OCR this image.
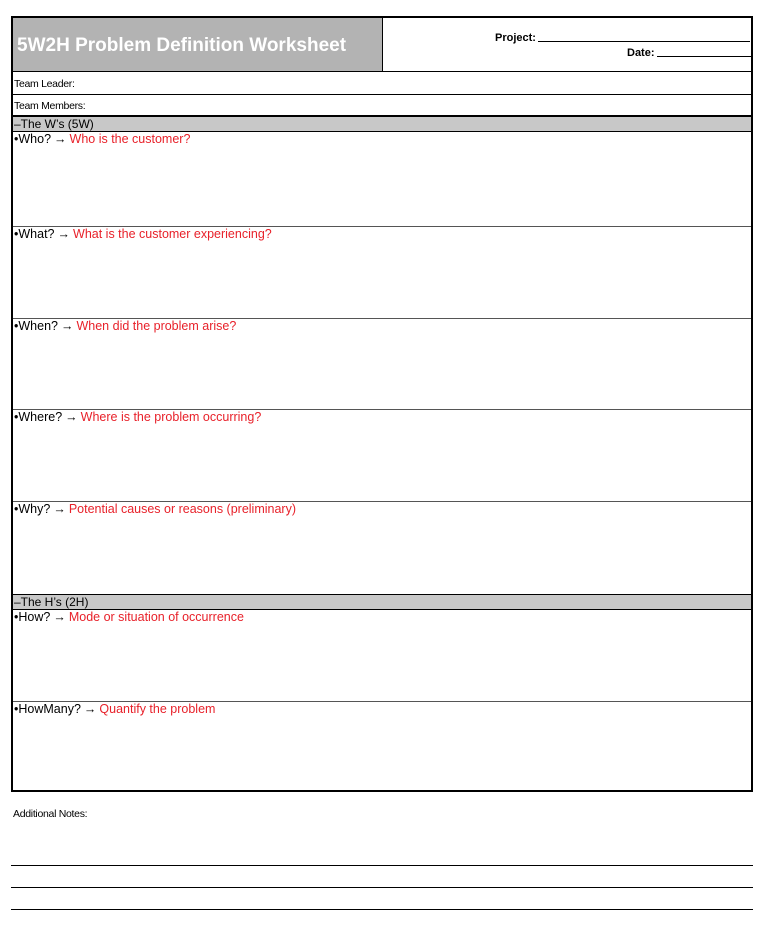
5W2H Problem Definition Worksheet	Project:
Date:
Team Leader:
Team Members:
–The W’s (5W)
•Who? → Who is the customer?
•What? → What is the customer experiencing?
•When? → When did the problem arise?
•Where? → Where is the problem occurring?
•Why? → Potential causes or reasons (preliminary)
–The H’s (2H)
•How? → Mode or situation of occurrence
•HowMany? → Quantify the problem
Additional Notes:
